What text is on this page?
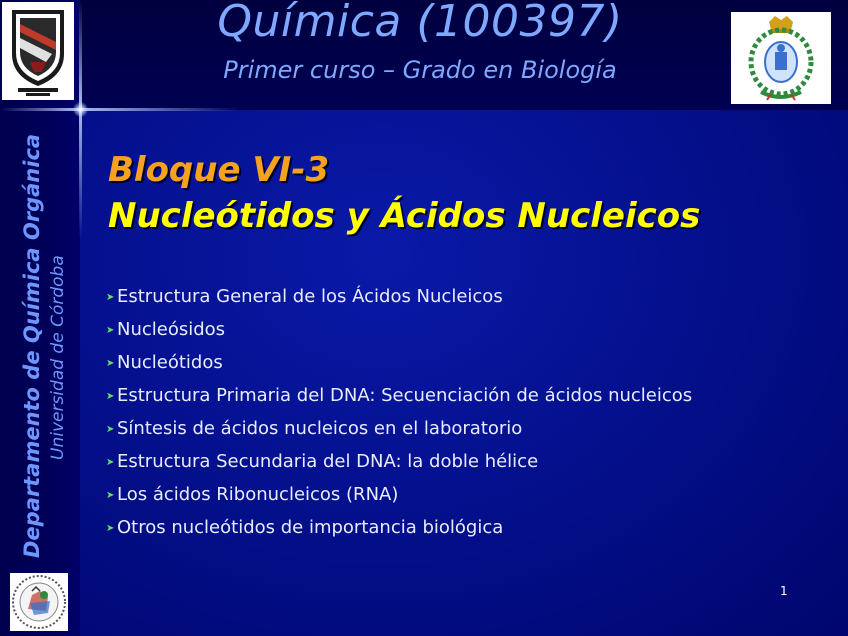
Química (100397)
Primer curso – Grado en Biología
Departamento de Química Orgánica Universidad de Córdoba
Bloque VI-3
Nucleótidos y Ácidos Nucleicos
➤ Estructura General de los Ácidos Nucleicos
➤ Nucleósidos
➤ Nucleótidos
➤ Estructura Primaria del DNA: Secuenciación de ácidos nucleicos
➤ Síntesis de ácidos nucleicos en el laboratorio
➤ Estructura Secundaria del DNA: la doble hélice
➤ Los ácidos Ribonucleicos (RNA)
➤ Otros nucleótidos de importancia biológica
1
